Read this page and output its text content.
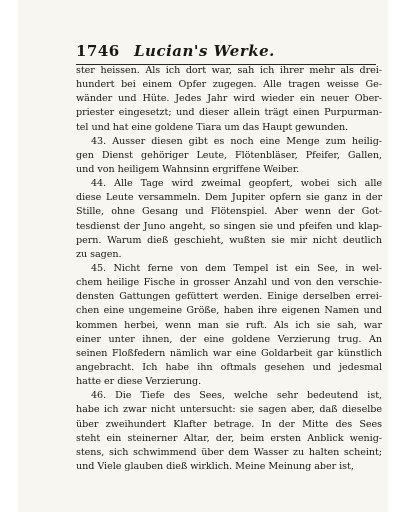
1746 Lucian's Werke.
ster heissen. Als ich dort war, sah ich ihrer mehr als drei-
hundert bei einem Opfer zugegen. Alle tragen weisse Ge-
wänder und Hüte. Jedes Jahr wird wieder ein neuer Ober-
priester eingesetzt; und dieser allein trägt einen Purpurman-
tel und hat eine goldene Tiara um das Haupt gewunden.
43. Ausser diesen gibt es noch eine Menge zum heilig-
gen Dienst gehöriger Leute, Flötenbläser, Pfeifer, Gallen,
und von heiligem Wahnsinn ergriffene Weiber.
44. Alle Tage wird zweimal geopfert, wobei sich alle
diese Leute versammeln. Dem Jupiter opfern sie ganz in der
Stille, ohne Gesang und Flötenspiel. Aber wenn der Got-
tesdienst der Juno angeht, so singen sie und pfeifen und klap-
pern. Warum dieß geschieht, wußten sie mir nicht deutlich
zu sagen.
45. Nicht ferne von dem Tempel ist ein See, in wel-
chem heilige Fische in grosser Anzahl und von den verschie-
densten Gattungen gefüttert werden. Einige derselben errei-
chen eine ungemeine Größe, haben ihre eigenen Namen und
kommen herbei, wenn man sie ruft. Als ich sie sah, war
einer unter ihnen, der eine goldene Verzierung trug. An
seinen Floßfedern nämlich war eine Goldarbeit gar künstlich
angebracht. Ich habe ihn oftmals gesehen und jedesmal
hatte er diese Verzierung.
46. Die Tiefe des Sees, welche sehr bedeutend ist,
habe ich zwar nicht untersucht: sie sagen aber, daß dieselbe
über zweihundert Klafter betrage. In der Mitte des Sees
steht ein steinerner Altar, der, beim ersten Anblick wenig-
stens, sich schwimmend über dem Wasser zu halten scheint;
und Viele glauben dieß wirklich. Meine Meinung aber ist,
